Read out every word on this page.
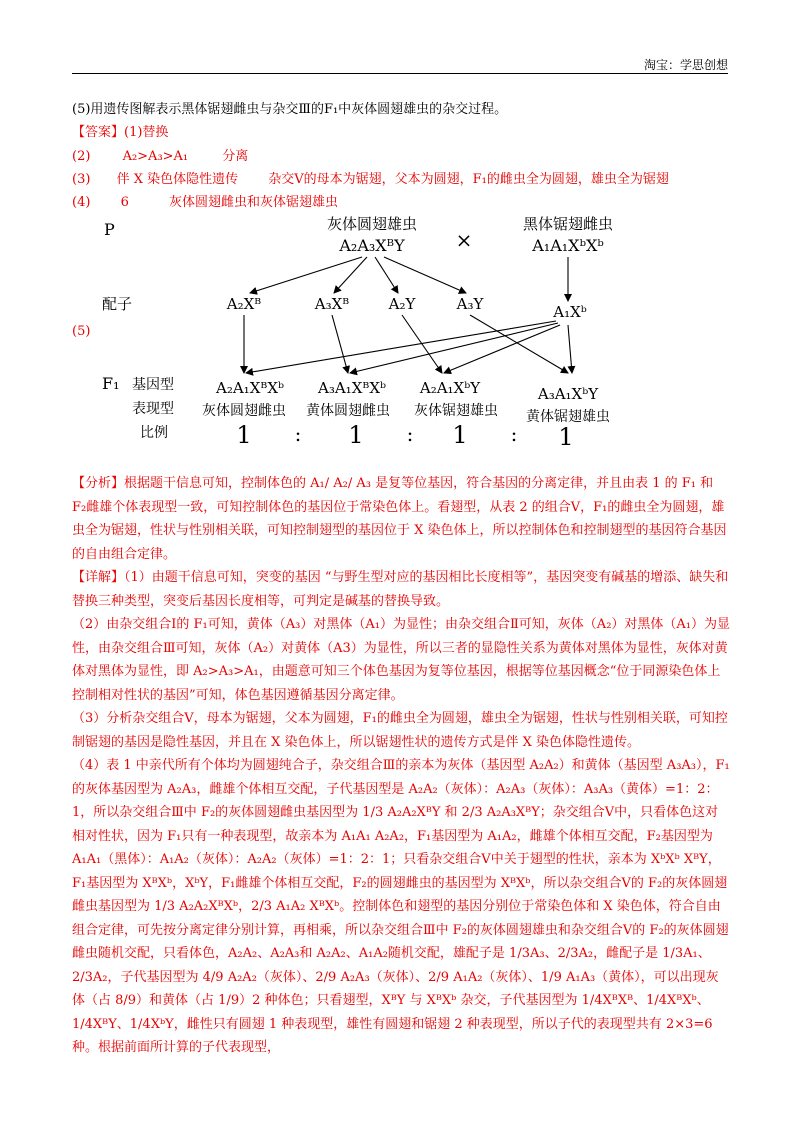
淘宝：学思创想
(5)用遗传图解表示黑体锯翅雌虫与杂交Ⅲ的F₁中灰体圆翅雄虫的杂交过程。
【答案】(1)替换
(2) A₂>A₃>A₁	分离
(3) 伴 X 染色体隐性遗传 杂交Ⅴ的母本为锯翅，父本为圆翅，F₁的雌虫全为圆翅，雄虫全为锯翅
(4) 6	灰体圆翅雌虫和灰体锯翅雄虫
(5)
P	灰体圆翅雄虫
A₂A₃XᴮY	×
黑体锯翅雌虫
A₁A₁XᵇXᵇ
配子	A₂Xᴮ	A₃Xᴮ	A₂Y	A₃Y	A₁Xᵇ
F₁ 基因型
表现型
比例
A₂A₁XᴮXᵇ A₃A₁XᴮXᵇ A₂A₁XᵇY	A₃A₁XᵇY
灰体圆翅雌虫 黄体圆翅雌虫 灰体锯翅雄虫 黄体锯翅雄虫
1 : 1 : 1 : 1

【分析】根据题干信息可知，控制体色的 A₁/ A₂/ A₃ 是复等位基因，符合基因的分离定律，并且由表 1 的 F₁ 和 F₂雌雄个体表现型一致，可知控制体色的基因位于常染色体上。看翅型，从表 2 的组合Ⅴ，F₁的雌虫全为圆翅，雄虫全为锯翅，性状与性别相关联，可知控制翅型的基因位于 X 染色体上，所以控制体色和控制翅型的基因符合基因的自由组合定律。

【详解】（1）由题干信息可知，突变的基因 “与野生型对应的基因相比长度相等”，基因突变有碱基的增添、缺失和替换三种类型，突变后基因长度相等，可判定是碱基的替换导致。

（2）由杂交组合Ⅰ的 F₁可知，黄体（A₃）对黑体（A₁）为显性；由杂交组合Ⅱ可知，灰体（A₂）对黑体（A₁）为显性，由杂交组合Ⅲ可知，灰体（A₂）对黄体（A3）为显性，所以三者的显隐性关系为黄体对黑体为显性，灰体对黄体对黑体为显性，即 A₂>A₃>A₁，由题意可知三个体色基因为复等位基因，根据等位基因概念“位于同源染色体上控制相对性状的基因”可知，体色基因遵循基因分离定律。

（3）分析杂交组合Ⅴ，母本为锯翅，父本为圆翅，F₁的雌虫全为圆翅，雄虫全为锯翅，性状与性别相关联，可知控制锯翅的基因是隐性基因，并且在 X 染色体上，所以锯翅性状的遗传方式是伴 X 染色体隐性遗传。

（4）表 1 中亲代所有个体均为圆翅纯合子，杂交组合Ⅲ的亲本为灰体（基因型 A₂A₂）和黄体（基因型 A₃A₃），F₁的灰体基因型为 A₂A₃，雌雄个体相互交配，子代基因型是 A₂A₂（灰体）：A₂A₃（灰体）：A₃A₃（黄体）=1：2：1，所以杂交组合Ⅲ中 F₂的灰体圆翅雌虫基因型为 1/3 A₂A₂XᴮY 和 2/3 A₂A₃XᴮY；杂交组合Ⅴ中，只看体色这对相对性状，因为 F₁只有一种表现型，故亲本为 A₁A₁ A₂A₂，F₁基因型为 A₁A₂，雌雄个体相互交配，F₂基因型为 A₁A₁（黑体）：A₁A₂（灰体）：A₂A₂（灰体）=1：2：1；只看杂交组合Ⅴ中关于翅型的性状，亲本为 XᵇXᵇ XᴮY，F₁基因型为 XᴮXᵇ，XᵇY，F₁雌雄个体相互交配，F₂的圆翅雌虫的基因型为 XᴮXᵇ，所以杂交组合Ⅴ的 F₂的灰体圆翅雌虫基因型为 1/3 A₂A₂XᴮXᵇ，2/3 A₁A₂ XᴮXᵇ。控制体色和翅型的基因分别位于常染色体和 X 染色体，符合自由组合定律，可先按分离定律分别计算，再相乘，所以杂交组合Ⅲ中 F₂的灰体圆翅雄虫和杂交组合Ⅴ的 F₂的灰体圆翅雌虫随机交配，只看体色，A₂A₂、A₂A₃和 A₂A₂、A₁A₂随机交配，雄配子是 1/3A₃、2/3A₂，雌配子是 1/3A₁、2/3A₂，子代基因型为 4/9 A₂A₂（灰体）、2/9 A₂A₃（灰体）、2/9 A₁A₂（灰体）、1/9 A₁A₃（黄体），可以出现灰体（占 8/9）和黄体（占 1/9）2 种体色；只看翅型，XᴮY 与 XᴮXᵇ 杂交，子代基因型为 1/4XᴮXᴮ、1/4XᴮXᵇ、1/4XᴮY、1/4XᵇY，雌性只有圆翅 1 种表现型，雄性有圆翅和锯翅 2 种表现型，所以子代的表现型共有 2×3=6 种。根据前面所计算的子代表现型，
